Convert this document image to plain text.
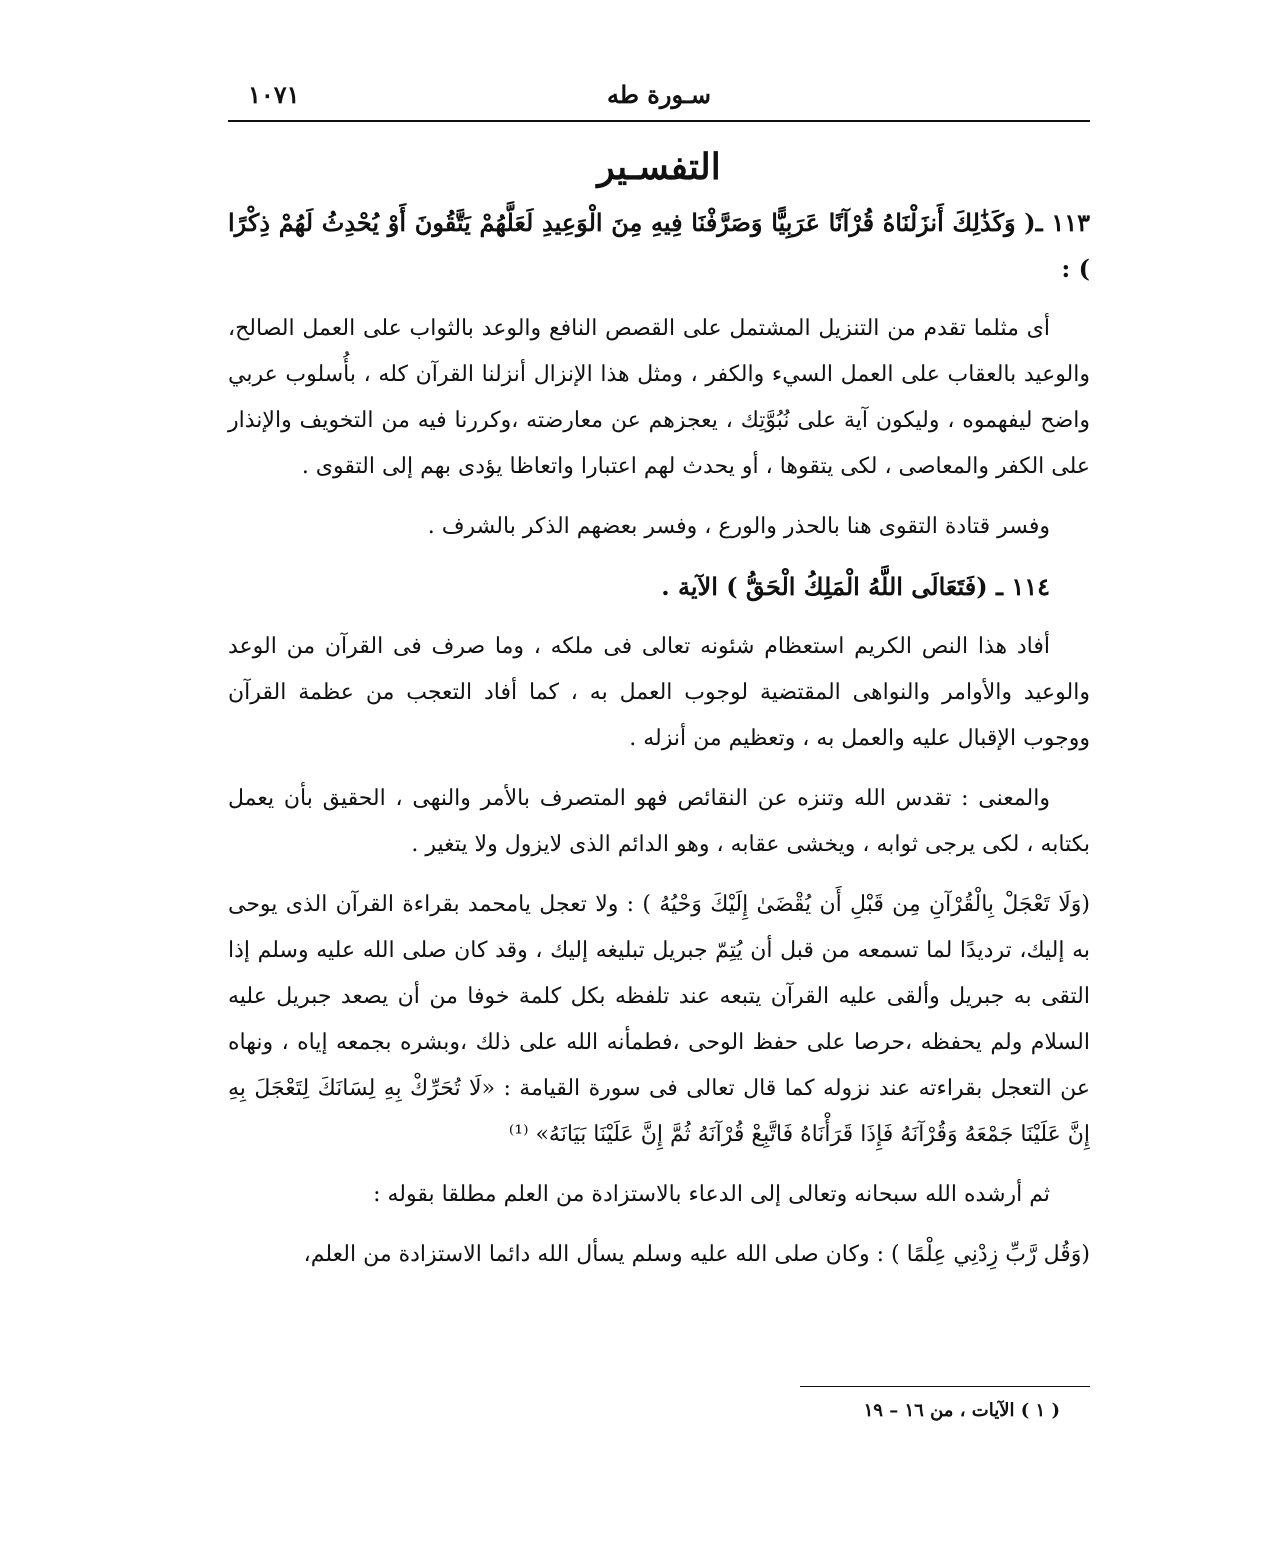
سـورة طه
١٠٧١
التفسـير

١١٣ ـ( وَكَذَٰلِكَ أَنزَلْنَاهُ قُرْآنًا عَرَبِيًّا وَصَرَّفْنَا فِيهِ مِنَ الْوَعِيدِ لَعَلَّهُمْ يَتَّقُونَ أَوْ يُحْدِثُ لَهُمْ ذِكْرًا ) :

أى مثلما تقدم من التنزيل المشتمل على القصص النافع والوعد بالثواب على العمل الصالح، والوعيد بالعقاب على العمل السيء والكفر ، ومثل هذا الإنزال أنزلنا القرآن كله ، بأُسلوب عربي واضح ليفهموه ، وليكون آية على نُبُوَّتِك ، يعجزهم عن معارضته ،وكررنا فيه من التخويف والإنذار على الكفر والمعاصى ، لكى يتقوها ، أو يحدث لهم اعتبارا واتعاظا يؤدى بهم إلى التقوى .

وفسر قتادة التقوى هنا بالحذر والورع ، وفسر بعضهم الذكر بالشرف .

١١٤ ـ (فَتَعَالَى اللَّهُ الْمَلِكُ الْحَقُّ ) الآية .

أفاد هذا النص الكريم استعظام شئونه تعالى فى ملكه ، وما صرف فى القرآن من الوعد والوعيد والأوامر والنواهى المقتضية لوجوب العمل به ، كما أفاد التعجب من عظمة القرآن ووجوب الإقبال عليه والعمل به ، وتعظيم من أنزله .

والمعنى : تقدس الله وتنزه عن النقائص فهو المتصرف بالأمر والنهى ، الحقيق بأن يعمل بكتابه ، لكى يرجى ثوابه ، ويخشى عقابه ، وهو الدائم الذى لايزول ولا يتغير .

(وَلَا تَعْجَلْ بِالْقُرْآنِ مِن قَبْلِ أَن يُقْضَىٰ إِلَيْكَ وَحْيُهُ ) : ولا تعجل يامحمد بقراءة القرآن الذى يوحى به إليك، ترديدًا لما تسمعه من قبل أن يُتِمّ جبريل تبليغه إليك ، وقد كان صلى الله عليه وسلم إذا التقى به جبريل وألقى عليه القرآن يتبعه عند تلفظه بكل كلمة خوفا من أن يصعد جبريل عليه السلام ولم يحفظه ،حرصا على حفظ الوحى ،فطمأنه الله على ذلك ،وبشره بجمعه إياه ، ونهاه عن التعجل بقراءته عند نزوله كما قال تعالى فى سورة القيامة : «لَا تُحَرِّكْ بِهِ لِسَانَكَ لِتَعْجَلَ بِهِ إِنَّ عَلَيْنَا جَمْعَهُ وَقُرْآنَهُ فَإِذَا قَرَأْنَاهُ فَاتَّبِعْ قُرْآنَهُ ثُمَّ إِنَّ عَلَيْنَا بَيَانَهُ» ⁽¹⁾

ثم أرشده الله سبحانه وتعالى إلى الدعاء بالاستزادة من العلم مطلقا بقوله :

(وَقُل رَّبِّ زِدْنِي عِلْمًا ) : وكان صلى الله عليه وسلم يسأل الله دائما الاستزادة من العلم،

( ١ ) الآيات ، من ١٦ – ١٩
